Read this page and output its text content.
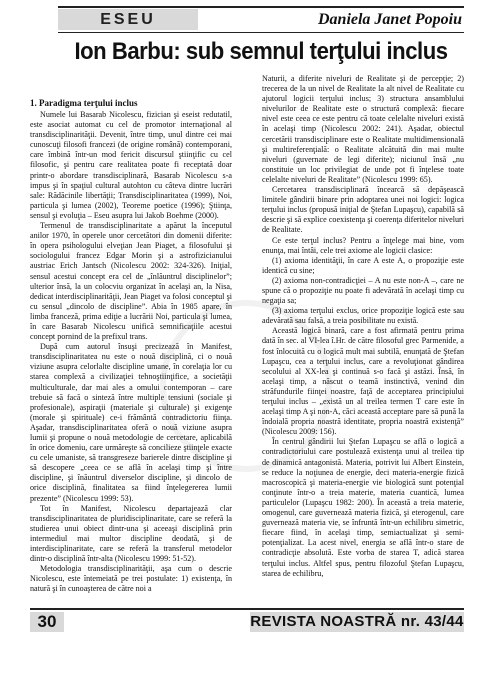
ESEU	Daniela Janet Popoiu
Ion Barbu: sub semnul terţului inclus
1. Paradigma terţului inclus

Numele lui Basarab Nicolescu, fizician şi eseist redutatil, este asociat automat cu cel de promotor internaţional al transdisciplinarităţii. Devenit, între timp, unul dintre cei mai cunoscuţi filosofi francezi (de origine română) contemporani, care îmbină într-un mod fericit discursul ştiinţific cu cel filosofic, şi pentru care realitatea poate fi receptată doar printr-o abordare transdisciplinară, Basarab Nicolescu s-a impus şi în spaţiul cultural autohton cu câteva dintre lucrări sale: Rădăcinile libertăţii; Transdisciplinaritatea (1999), Noi, particula şi lumea (2002), Teoreme poetice (1996); Ştiinţa, sensul şi evoluţia – Eseu asupra lui Jakob Boehme (2000).

Termenul de transdisciplinaritate a apărut la începutul anilor 1970, în operele unor cercetători din domenii diferite: în opera psihologului elveţian Jean Piaget, a filosofului şi sociologului francez Edgar Morin şi a astrofizicianului austriac Erich Jantsch (Nicolescu 2002: 324-326). Iniţial, sensul acestui concept era cel de „înlăuntrul disciplinelor”; ulterior însă, la un colocviu organizat în acelaşi an, la Nisa, dedicat interdisciplinarităţii, Jean Piaget va folosi conceptul şi cu sensul „dincolo de discipline”. Abia în 1985 apare, în limba franceză, prima ediţie a lucrării Noi, particula şi lumea, în care Basarab Nicolescu unifică semnificaţiile acestui concept pornind de la prefixul trans.

După cum autorul însuşi precizează în Manifest, transdisciplinaritatea nu este o nouă disciplină, ci o nouă viziune asupra celorlalte discipline umane, în corelaţia lor cu starea complexă a civilizaţiei tehnoştiinţifice, a societăţii multiculturale, dar mai ales a omului contemporan – care trebuie să facă o sinteză între multiple tensiuni (sociale şi profesionale), aspiraţii (materiale şi culturale) şi exigenţe (morale şi spirituale) ce-i frământă contradictoriu fiinţa. Aşadar, transdisciplinaritatea oferă o nouă viziune asupra lumii şi propune o nouă metodologie de cercetare, aplicabilă în orice domeniu, care urmăreşte să concilieze ştiinţele exacte cu cele umaniste, să transgreseze barierele dintre discipline şi să descopere „ceea ce se află în acelaşi timp şi între discipline, şi înăuntrul diverselor discipline, şi dincolo de orice disciplină, finalitatea sa fiind înţelegererea lumii prezente” (Nicolescu 1999: 53).

Tot în Manifest, Nicolescu departajează clar transdisciplinaritatea de pluridisciplinaritate, care se referă la studierea unui obiect dintr-una şi aceeaşi disciplină prin intermediul mai multor discipline deodată, şi de interdisciplinaritate, care se referă la transferul metodelor dintr-o disciplină într-alta (Nicolescu 1999: 51-52).

Metodologia transdisciplinarităţii, aşa cum o descrie Nicolescu, este întemeiată pe trei postulate: 1) existenţa, în natură şi în cunoaşterea de către noi a

Naturii, a diferite niveluri de Realitate şi de percepţie; 2) trecerea de la un nivel de Realitate la alt nivel de Realitate cu ajutorul logicii terţului inclus; 3) structura ansamblului nivelurilor de Realitate este o structură complexă: fiecare nivel este ceea ce este pentru că toate celelalte niveluri există în acelaşi timp (Nicolescu 2002: 241). Aşadar, obiectul cercetării transdisciplinare este o Realitate multidimensională şi multireferenţială: o Realitate alcătuită din mai multe niveluri (guvernate de legi diferite); niciunul însă „nu constituie un loc privilegiat de unde pot fi înţelese toate celelalte niveluri de Realitate” (Nicolescu 1999: 65).

Cercetarea transdisciplinară încearcă să depăşească limitele gândirii binare prin adoptarea unei noi logici: logica terţului inclus (propusă iniţial de Ştefan Lupaşcu), capabilă să descrie şi să explice coexistenţa şi coerenţa diferitelor niveluri de Realitate.

Ce este terţul inclus? Pentru a înţelege mai bine, vom enunţa, mai întâi, cele trei axiome ale logicii clasice:

(1) axioma identităţii, în care A este A, o propoziţie este identică cu sine;

(2) axioma non-contradicţiei – A nu este non-A –, care ne spune că o propoziţie nu poate fi adevărată în acelaşi timp cu negaţia sa;

(3) axioma terţului exclus, orice propoziţie logică este sau adevărată sau falsă, a treia posibilitate nu există.

Această logică binară, care a fost afirmată pentru prima dată în sec. al VI-lea î.Hr. de către filosoful grec Parmenide, a fost înlocuită cu o logică mult mai subtilă, enunţată de Ştefan Lupaşcu, cea a terţului inclus, care a revoluţionat gândirea secolului al XX-lea şi continuă s-o facă şi astăzi. Însă, în acelaşi timp, a născut o teamă instinctivă, venind din străfundurile fiinţei noastre, faţă de acceptarea principiului terţului inclus – „există un al treilea termen T care este în acelaşi timp A şi non-A, căci această acceptare pare să pună la îndoială propria noastră identitate, propria noastră existenţă” (Nicolescu 2009: 156).

În centrul gândirii lui Ştefan Lupaşcu se află o logică a contradictoriului care postulează existenţa unui al treilea tip de dinamică antagonistă. Materia, potrivit lui Albert Einstein, se reduce la noţiunea de energie, deci materia-energie fizică macroscopică şi materia-energie vie biologică sunt potenţial conţinute într-o a treia materie, materia cuantică, lumea particulelor (Lupaşcu 1982: 200). În această a treia materie, omogenul, care guvernează materia fizică, şi eterogenul, care guvernează materia vie, se înfruntă într-un echilibru simetric, fiecare fiind, în acelaşi timp, semiactualizat şi semi-potenţializat. La acest nivel, energia se află într-o stare de contradicţie absolută. Este vorba de starea T, adică starea terţului inclus. Altfel spus, pentru filozoful Ştefan Lupaşcu, starea de echilibru,

30	REVISTA NOASTRĂ nr. 43/44
